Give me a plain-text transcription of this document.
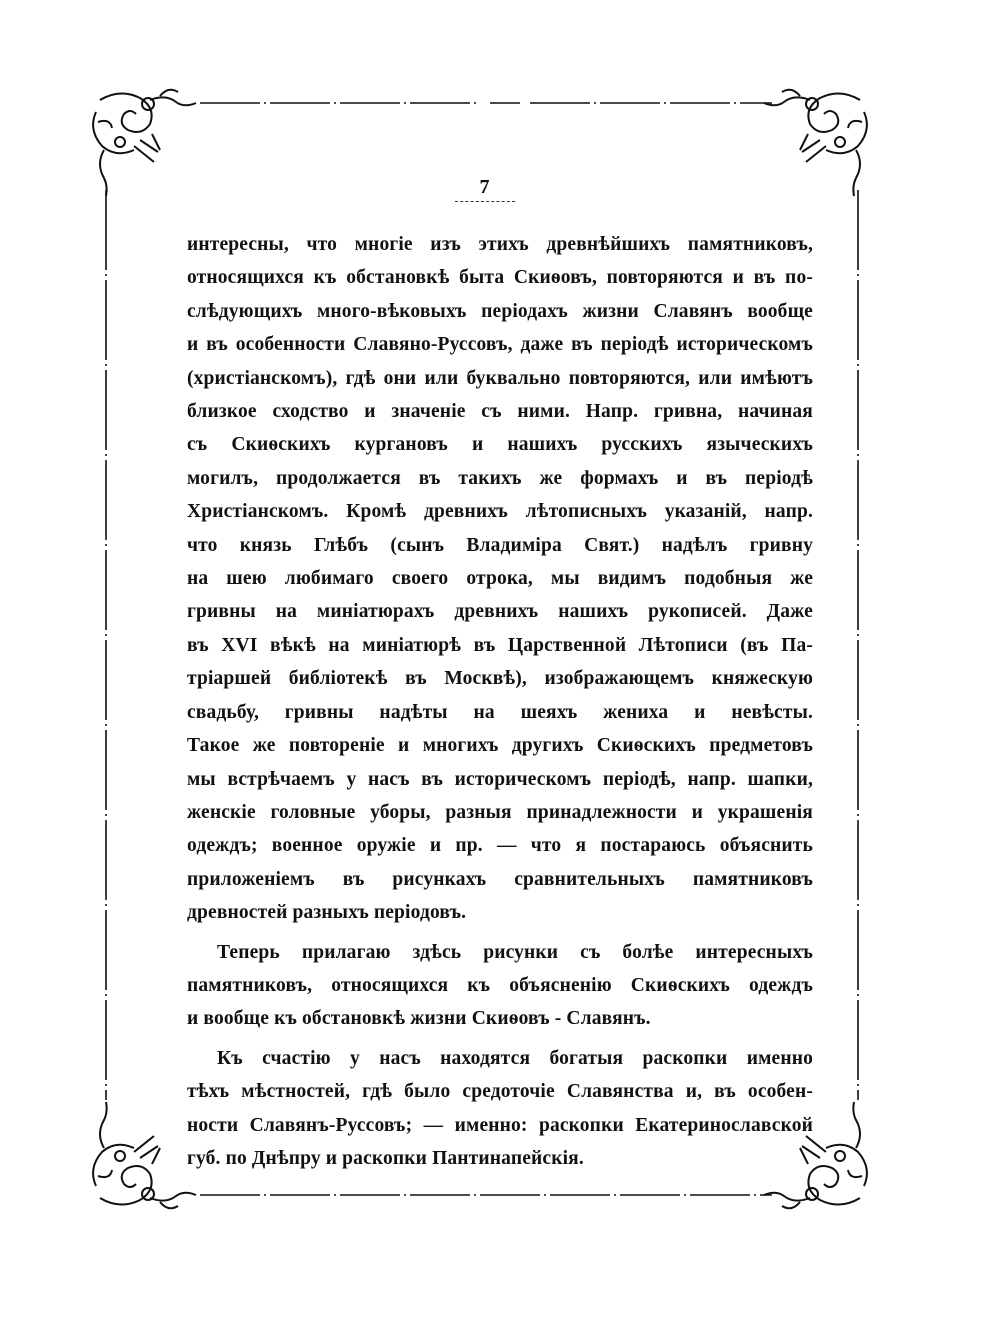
7

интересны, что многіе изъ этихъ древнѣйшихъ памятниковъ,
относящихся къ обстановкѣ быта Скиѳовъ, повторяются и въ по-
слѣдующихъ много-вѣковыхъ періодахъ жизни Славянъ вообще
и въ особенности Славяно-Руссовъ, даже въ періодѣ историческомъ
(христіанскомъ), гдѣ они или буквально повторяются, или имѣютъ
близкое сходство и значеніе съ ними. Напр. гривна, начиная
съ Скиѳскихъ кургановъ и нашихъ русскихъ языческихъ
могилъ, продолжается въ такихъ же формахъ и въ періодѣ
Христіанскомъ. Кромѣ древнихъ лѣтописныхъ указаній, напр.
что князь Глѣбъ (сынъ Владиміра Свят.) надѣлъ гривну
на шею любимаго своего отрока, мы видимъ подобныя же
гривны на миніатюрахъ древнихъ нашихъ рукописей. Даже
въ XVI вѣкѣ на миніатюрѣ въ Царственной Лѣтописи (въ Па-
тріаршей библіотекѣ въ Москвѣ), изображающемъ княжескую
свадьбу, гривны надѣты на шеяхъ жениха и невѣсты.
Такое же повтореніе и многихъ другихъ Скиѳскихъ предметовъ
мы встрѣчаемъ у насъ въ историческомъ періодѣ, напр. шапки,
женскіе головные уборы, разныя принадлежности и украшенія
одеждъ; военное оружіе и пр. — что я постараюсь объяснить
приложеніемъ въ рисункахъ сравнительныхъ памятниковъ
древностей разныхъ періодовъ.

Теперь прилагаю здѣсь рисунки съ болѣе интересныхъ
памятниковъ, относящихся къ объясненію Скиѳскихъ одеждъ
и вообще къ обстановкѣ жизни Скиѳовъ - Славянъ.

Къ счастію у насъ находятся богатыя раскопки именно
тѣхъ мѣстностей, гдѣ было средоточіе Славянства и, въ особен-
ности Славянъ-Руссовъ; — именно: раскопки Екатеринославской
губ. по Днѣпру и раскопки Пантинапейскія.
